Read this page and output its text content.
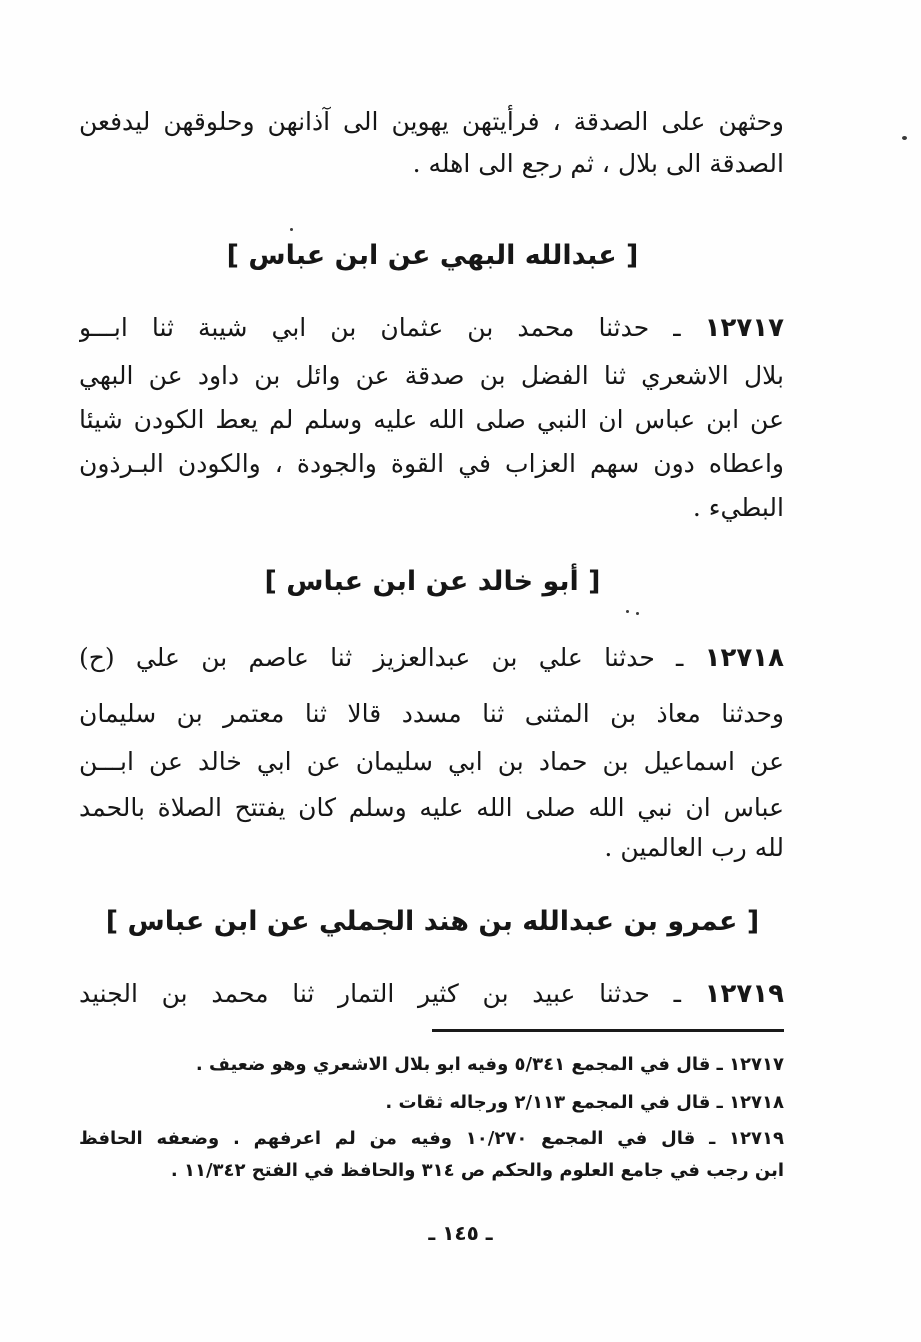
وحثهن على الصدقة ، فرأيتهن يهوين الى آذانهن وحلوقهن ليدفعن
الصدقة الى بلال ، ثم رجع الى اهله .
[ عبدالله البهي عن ابن عباس ]
١٢٧١٧ ـ حدثنا محمد بن عثمان بن ابي شيبة ثنا ابـــو
بلال الاشعري ثنا الفضل بن صدقة عن وائل بن داود عن البهي
عن ابن عباس ان النبي صلى الله عليه وسلم لم يعط الكودن شيئا
واعطاه دون سهم العزاب في القوة والجودة ، والكودن البـرذون
البطيء .
[ أبو خالد عن ابن عباس ]
١٢٧١٨ ـ حدثنا علي بن عبدالعزيز ثنا عاصم بن علي (ح)
وحدثنا معاذ بن المثنى ثنا مسدد قالا ثنا معتمر بن سليمان
عن اسماعيل بن حماد بن ابي سليمان عن ابي خالد عن ابـــن
عباس ان نبي الله صلى الله عليه وسلم كان يفتتح الصلاة بالحمد
لله رب العالمين .
[ عمرو بن عبدالله بن هند الجملي عن ابن عباس ]
١٢٧١٩ ـ حدثنا عبيد بن كثير التمار ثنا محمد بن الجنيد
١٢٧١٧ ـ قال في المجمع ٥/٣٤١ وفيه ابو بلال الاشعري وهو ضعيف .
١٢٧١٨ ـ قال في المجمع ٢/١١٣ ورجاله ثقات .
١٢٧١٩ ـ قال في المجمع ١٠/٢٧٠ وفيه من لم اعرفهم . وضعفه الحافظ
ابن رجب في جامع العلوم والحكم ص ٣١٤ والحافظ في الفتح ١١/٣٤٢ .
ـ ١٤٥ ـ
